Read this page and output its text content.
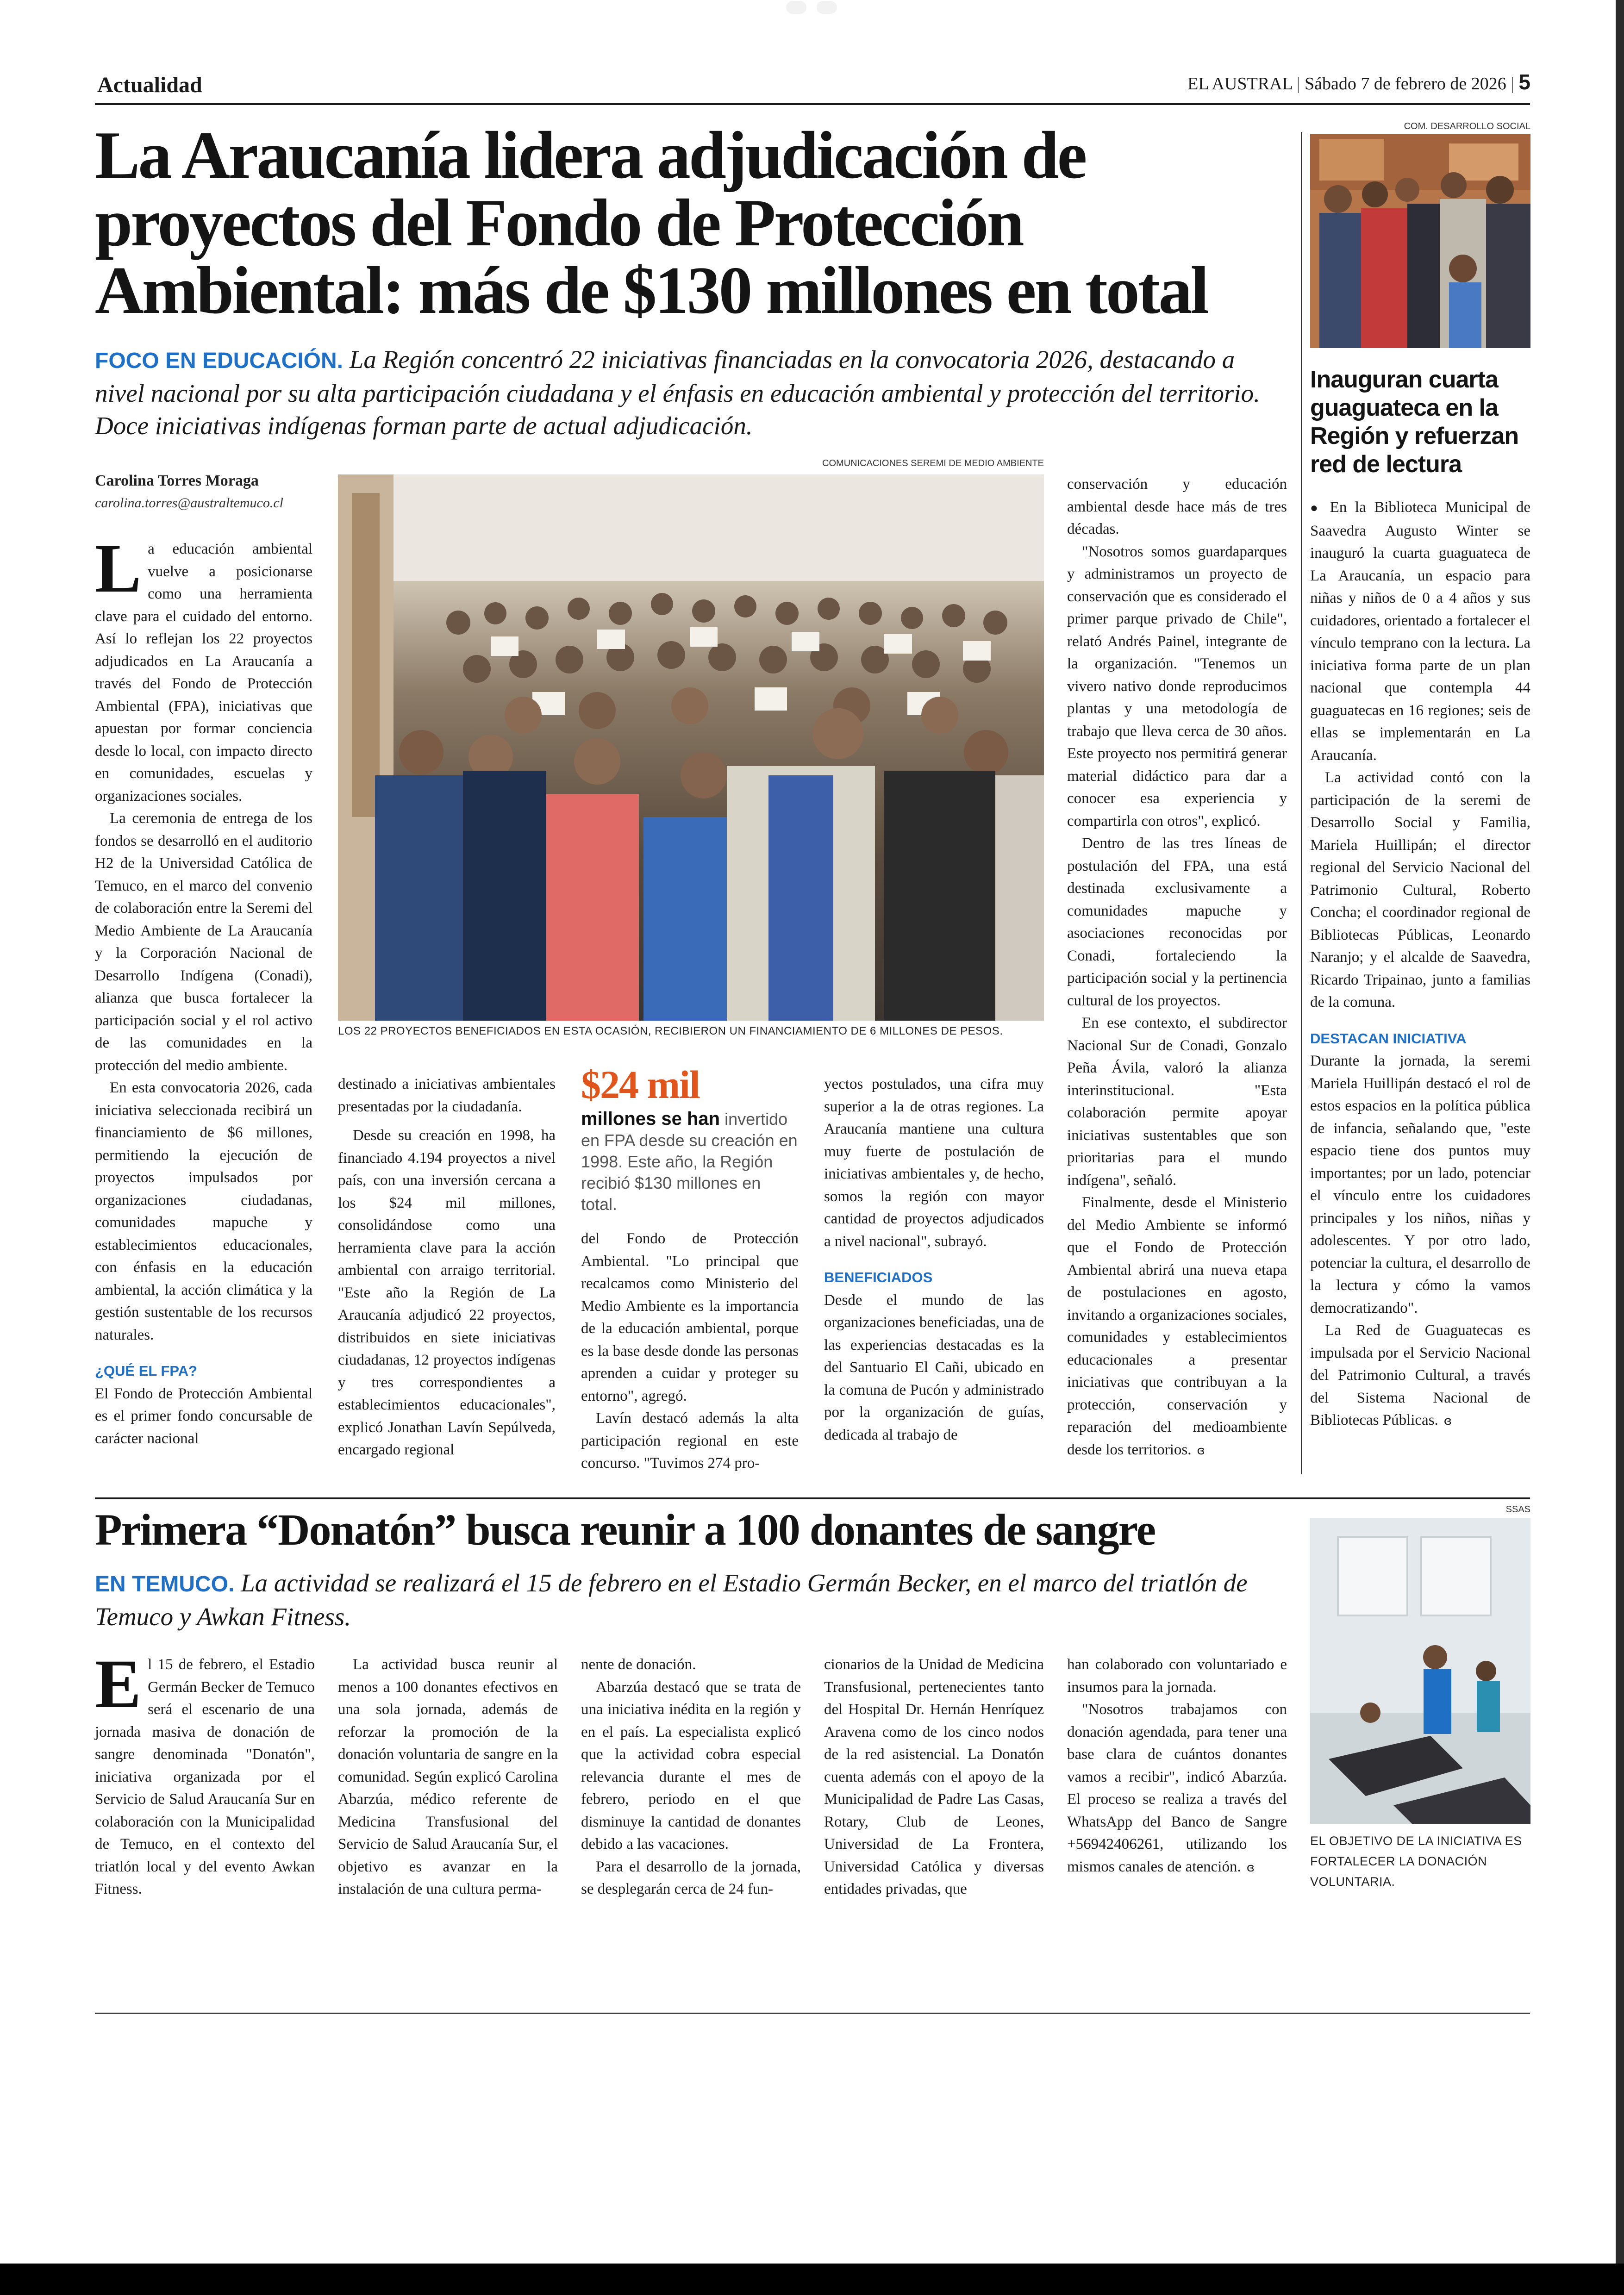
Actualidad	EL AUSTRAL | Sábado 7 de febrero de 2026 | 5
La Araucanía lidera adjudicación de proyectos del Fondo de Protección Ambiental: más de $130 millones en total
FOCO EN EDUCACIÓN. La Región concentró 22 iniciativas financiadas en la convocatoria 2026, destacando a nivel nacional por su alta participación ciudadana y el énfasis en educación ambiental y protección del territorio. Doce iniciativas indígenas forman parte de actual adjudicación.
Carolina Torres Moraga
carolina.torres@australtemuco.cl
COMUNICACIONES SEREMI DE MEDIO AMBIENTE
LOS 22 PROYECTOS BENEFICIADOS EN ESTA OCASIÓN, RECIBIERON UN FINANCIAMIENTO DE 6 MILLONES DE PESOS.

La educación ambiental vuelve a posicionarse como una herramienta clave para el cuidado del entorno. Así lo reflejan los 22 proyectos adjudicados en La Araucanía a través del Fondo de Protección Ambiental (FPA), iniciativas que apuestan por formar conciencia desde lo local, con impacto directo en comunidades, escuelas y organizaciones sociales.

La ceremonia de entrega de los fondos se desarrolló en el auditorio H2 de la Universidad Católica de Temuco, en el marco del convenio de colaboración entre la Seremi del Medio Ambiente de La Araucanía y la Corporación Nacional de Desarrollo Indígena (Conadi), alianza que busca fortalecer la participación social y el rol activo de las comunidades en la protección del medio ambiente.

En esta convocatoria 2026, cada iniciativa seleccionada recibirá un financiamiento de $6 millones, permitiendo la ejecución de proyectos impulsados por organizaciones ciudadanas, comunidades mapuche y establecimientos educacionales, con énfasis en la educación ambiental, la acción climática y la gestión sustentable de los recursos naturales.

¿QUÉ EL FPA?

El Fondo de Protección Ambiental es el primer fondo concursable de carácter nacional

destinado a iniciativas ambientales presentadas por la ciudadanía.

Desde su creación en 1998, ha financiado 4.194 proyectos a nivel país, con una inversión cercana a los $24 mil millones, consolidándose como una herramienta clave para la acción ambiental con arraigo territorial. "Este año la Región de La Araucanía adjudicó 22 proyectos, distribuidos en siete iniciativas ciudadanas, 12 proyectos indígenas y tres correspondientes a establecimientos educacionales", explicó Jonathan Lavín Sepúlveda, encargado regional

$24 mil
millones se han invertido en FPA desde su creación en 1998. Este año, la Región recibió $130 millones en total.

del Fondo de Protección Ambiental. "Lo principal que recalcamos como Ministerio del Medio Ambiente es la importancia de la educación ambiental, porque es la base desde donde las personas aprenden a cuidar y proteger su entorno", agregó.

Lavín destacó además la alta participación regional en este concurso. "Tuvimos 274 pro-

yectos postulados, una cifra muy superior a la de otras regiones. La Araucanía mantiene una cultura muy fuerte de postulación de iniciativas ambientales y, de hecho, somos la región con mayor cantidad de proyectos adjudicados a nivel nacional", subrayó.

BENEFICIADOS

Desde el mundo de las organizaciones beneficiadas, una de las experiencias destacadas es la del Santuario El Cañi, ubicado en la comuna de Pucón y administrado por la organización de guías, dedicada al trabajo de

conservación y educación ambiental desde hace más de tres décadas.

"Nosotros somos guardaparques y administramos un proyecto de conservación que es considerado el primer parque privado de Chile", relató Andrés Painel, integrante de la organización. "Tenemos un vivero nativo donde reproducimos plantas y una metodología de trabajo que lleva cerca de 30 años. Este proyecto nos permitirá generar material didáctico para dar a conocer esa experiencia y compartirla con otros", explicó.

Dentro de las tres líneas de postulación del FPA, una está destinada exclusivamente a comunidades mapuche y asociaciones reconocidas por Conadi, fortaleciendo la participación social y la pertinencia cultural de los proyectos.

En ese contexto, el subdirector Nacional Sur de Conadi, Gonzalo Peña Ávila, valoró la alianza interinstitucional. "Esta colaboración permite apoyar iniciativas sustentables que son prioritarias para el mundo indígena", señaló.

Finalmente, desde el Ministerio del Medio Ambiente se informó que el Fondo de Protección Ambiental abrirá una nueva etapa de postulaciones en agosto, invitando a organizaciones sociales, comunidades y establecimientos educacionales a presentar iniciativas que contribuyan a la protección, conservación y reparación del medioambiente desde los territorios. ɞ

COM. DESARROLLO SOCIAL
Inauguran cuarta guaguateca en la Región y refuerzan red de lectura

● En la Biblioteca Municipal de Saavedra Augusto Winter se inauguró la cuarta guaguateca de La Araucanía, un espacio para niñas y niños de 0 a 4 años y sus cuidadores, orientado a fortalecer el vínculo temprano con la lectura. La iniciativa forma parte de un plan nacional que contempla 44 guaguatecas en 16 regiones; seis de ellas se implementarán en La Araucanía.

La actividad contó con la participación de la seremi de Desarrollo Social y Familia, Mariela Huillipán; el director regional del Servicio Nacional del Patrimonio Cultural, Roberto Concha; el coordinador regional de Bibliotecas Públicas, Leonardo Naranjo; y el alcalde de Saavedra, Ricardo Tripainao, junto a familias de la comuna.

DESTACAN INICIATIVA

Durante la jornada, la seremi Mariela Huillipán destacó el rol de estos espacios en la política pública de infancia, señalando que, "este espacio tiene dos puntos muy importantes; por un lado, potenciar el vínculo entre los cuidadores principales y los niños, niñas y adolescentes. Y por otro lado, potenciar la cultura, el desarrollo de la lectura y cómo la vamos democratizando".

La Red de Guaguatecas es impulsada por el Servicio Nacional del Patrimonio Cultural, a través del Sistema Nacional de Bibliotecas Públicas. ɞ

Primera “Donatón” busca reunir a 100 donantes de sangre
EN TEMUCO. La actividad se realizará el 15 de febrero en el Estadio Germán Becker, en el marco del triatlón de Temuco y Awkan Fitness.

El 15 de febrero, el Estadio Germán Becker de Temuco será el escenario de una jornada masiva de donación de sangre denominada "Donatón", iniciativa organizada por el Servicio de Salud Araucanía Sur en colaboración con la Municipalidad de Temuco, en el contexto del triatlón local y del evento Awkan Fitness.

La actividad busca reunir al menos a 100 donantes efectivos en una sola jornada, además de reforzar la promoción de la donación voluntaria de sangre en la comunidad. Según explicó Carolina Abarzúa, médico referente de Medicina Transfusional del Servicio de Salud Araucanía Sur, el objetivo es avanzar en la instalación de una cultura perma-

nente de donación.

Abarzúa destacó que se trata de una iniciativa inédita en la región y en el país. La especialista explicó que la actividad cobra especial relevancia durante el mes de febrero, periodo en el que disminuye la cantidad de donantes debido a las vacaciones.

Para el desarrollo de la jornada, se desplegarán cerca de 24 fun-

cionarios de la Unidad de Medicina Transfusional, pertenecientes tanto del Hospital Dr. Hernán Henríquez Aravena como de los cinco nodos de la red asistencial. La Donatón cuenta además con el apoyo de la Municipalidad de Padre Las Casas, Rotary, Club de Leones, Universidad de La Frontera, Universidad Católica y diversas entidades privadas, que

han colaborado con voluntariado e insumos para la jornada.

"Nosotros trabajamos con donación agendada, para tener una base clara de cuántos donantes vamos a recibir", indicó Abarzúa. El proceso se realiza a través del WhatsApp del Banco de Sangre +56942406261, utilizando los mismos canales de atención. ɞ

SSAS
EL OBJETIVO DE LA INICIATIVA ES FORTALECER LA DONACIÓN VOLUNTARIA.
